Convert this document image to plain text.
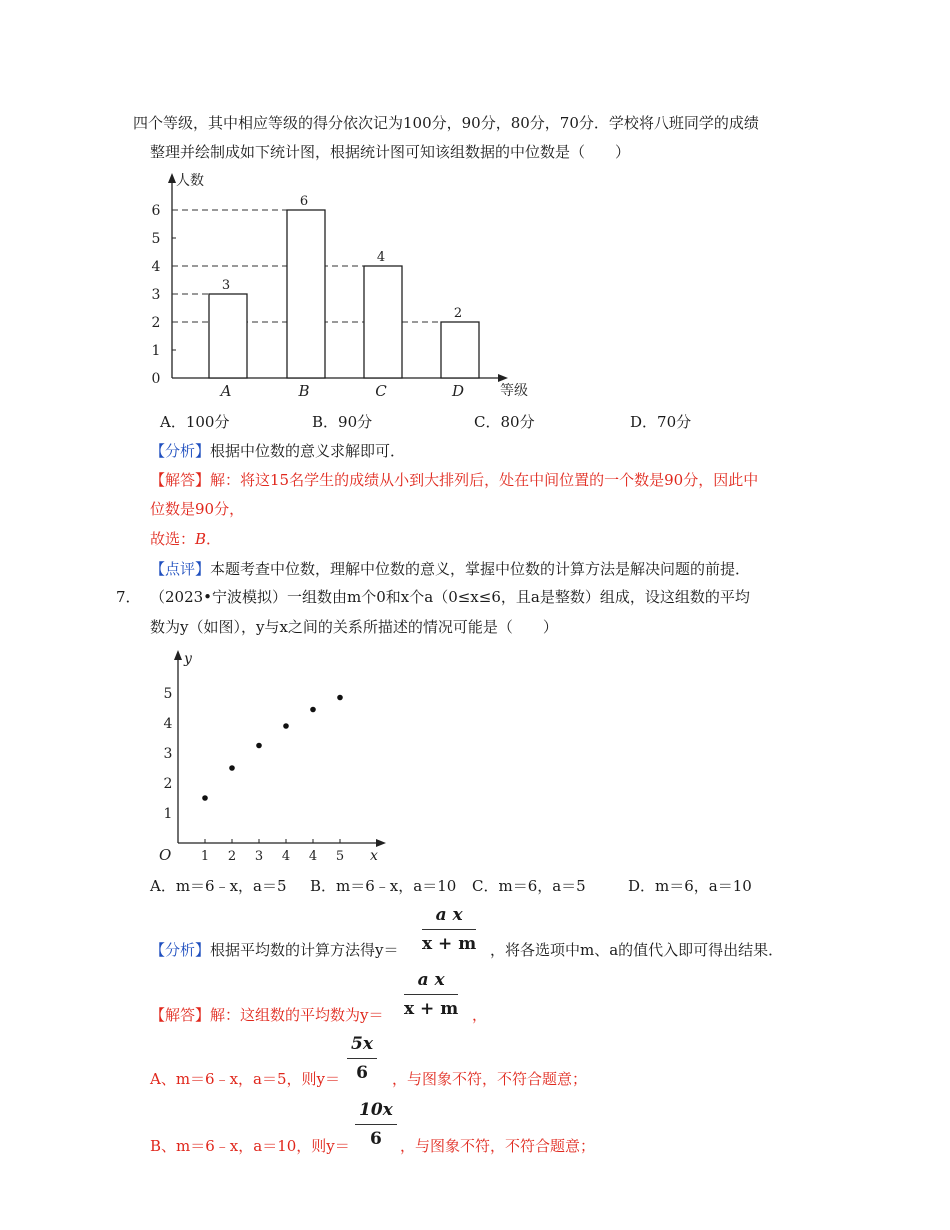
四个等级，其中相应等级的得分依次记为100分，90分，80分，70分．学校将八班同学的成绩
整理并绘制成如下统计图，根据统计图可知该组数据的中位数是（　　）
人数
等级
0
1
2
3
4
5
6
3
A
6
B
4
C
2
D
A．100分	B．90分	C．80分	D．70分
【分析】根据中位数的意义求解即可．
【解答】解：将这15名学生的成绩从小到大排列后，处在中间位置的一个数是90分，因此中
位数是90分，
故选：B．
【点评】本题考查中位数，理解中位数的意义，掌握中位数的计算方法是解决问题的前提．
7． （2023•宁波模拟）一组数由m个0和x个a（0≤x≤6，且a是整数）组成，设这组数的平均
数为y（如图），y与x之间的关系所描述的情况可能是（　　）
y
x
O
1
2
3
4
5
1 2 3 4 4 5
A．m＝6﹣x，a＝5 B．m＝6﹣x，a＝10 C．m＝6，a＝5	D．m＝6，a＝10
【分析】根据平均数的计算方法得$y= \frac{\text{a x}}{x + m}$ ，将各选项中m、a的值代入即可得出结果．
【解答】解：这组数的平均数为$y= \frac{\text{a x}}{x + m}$ ，
A、m＝6﹣x，a＝5，则$y= \frac{5x}{6}$ ，与图象不符，不符合题意；
B、m＝6﹣x，a＝10，则$y= \frac{10x}{6}$ ，与图象不符，不符合题意；
